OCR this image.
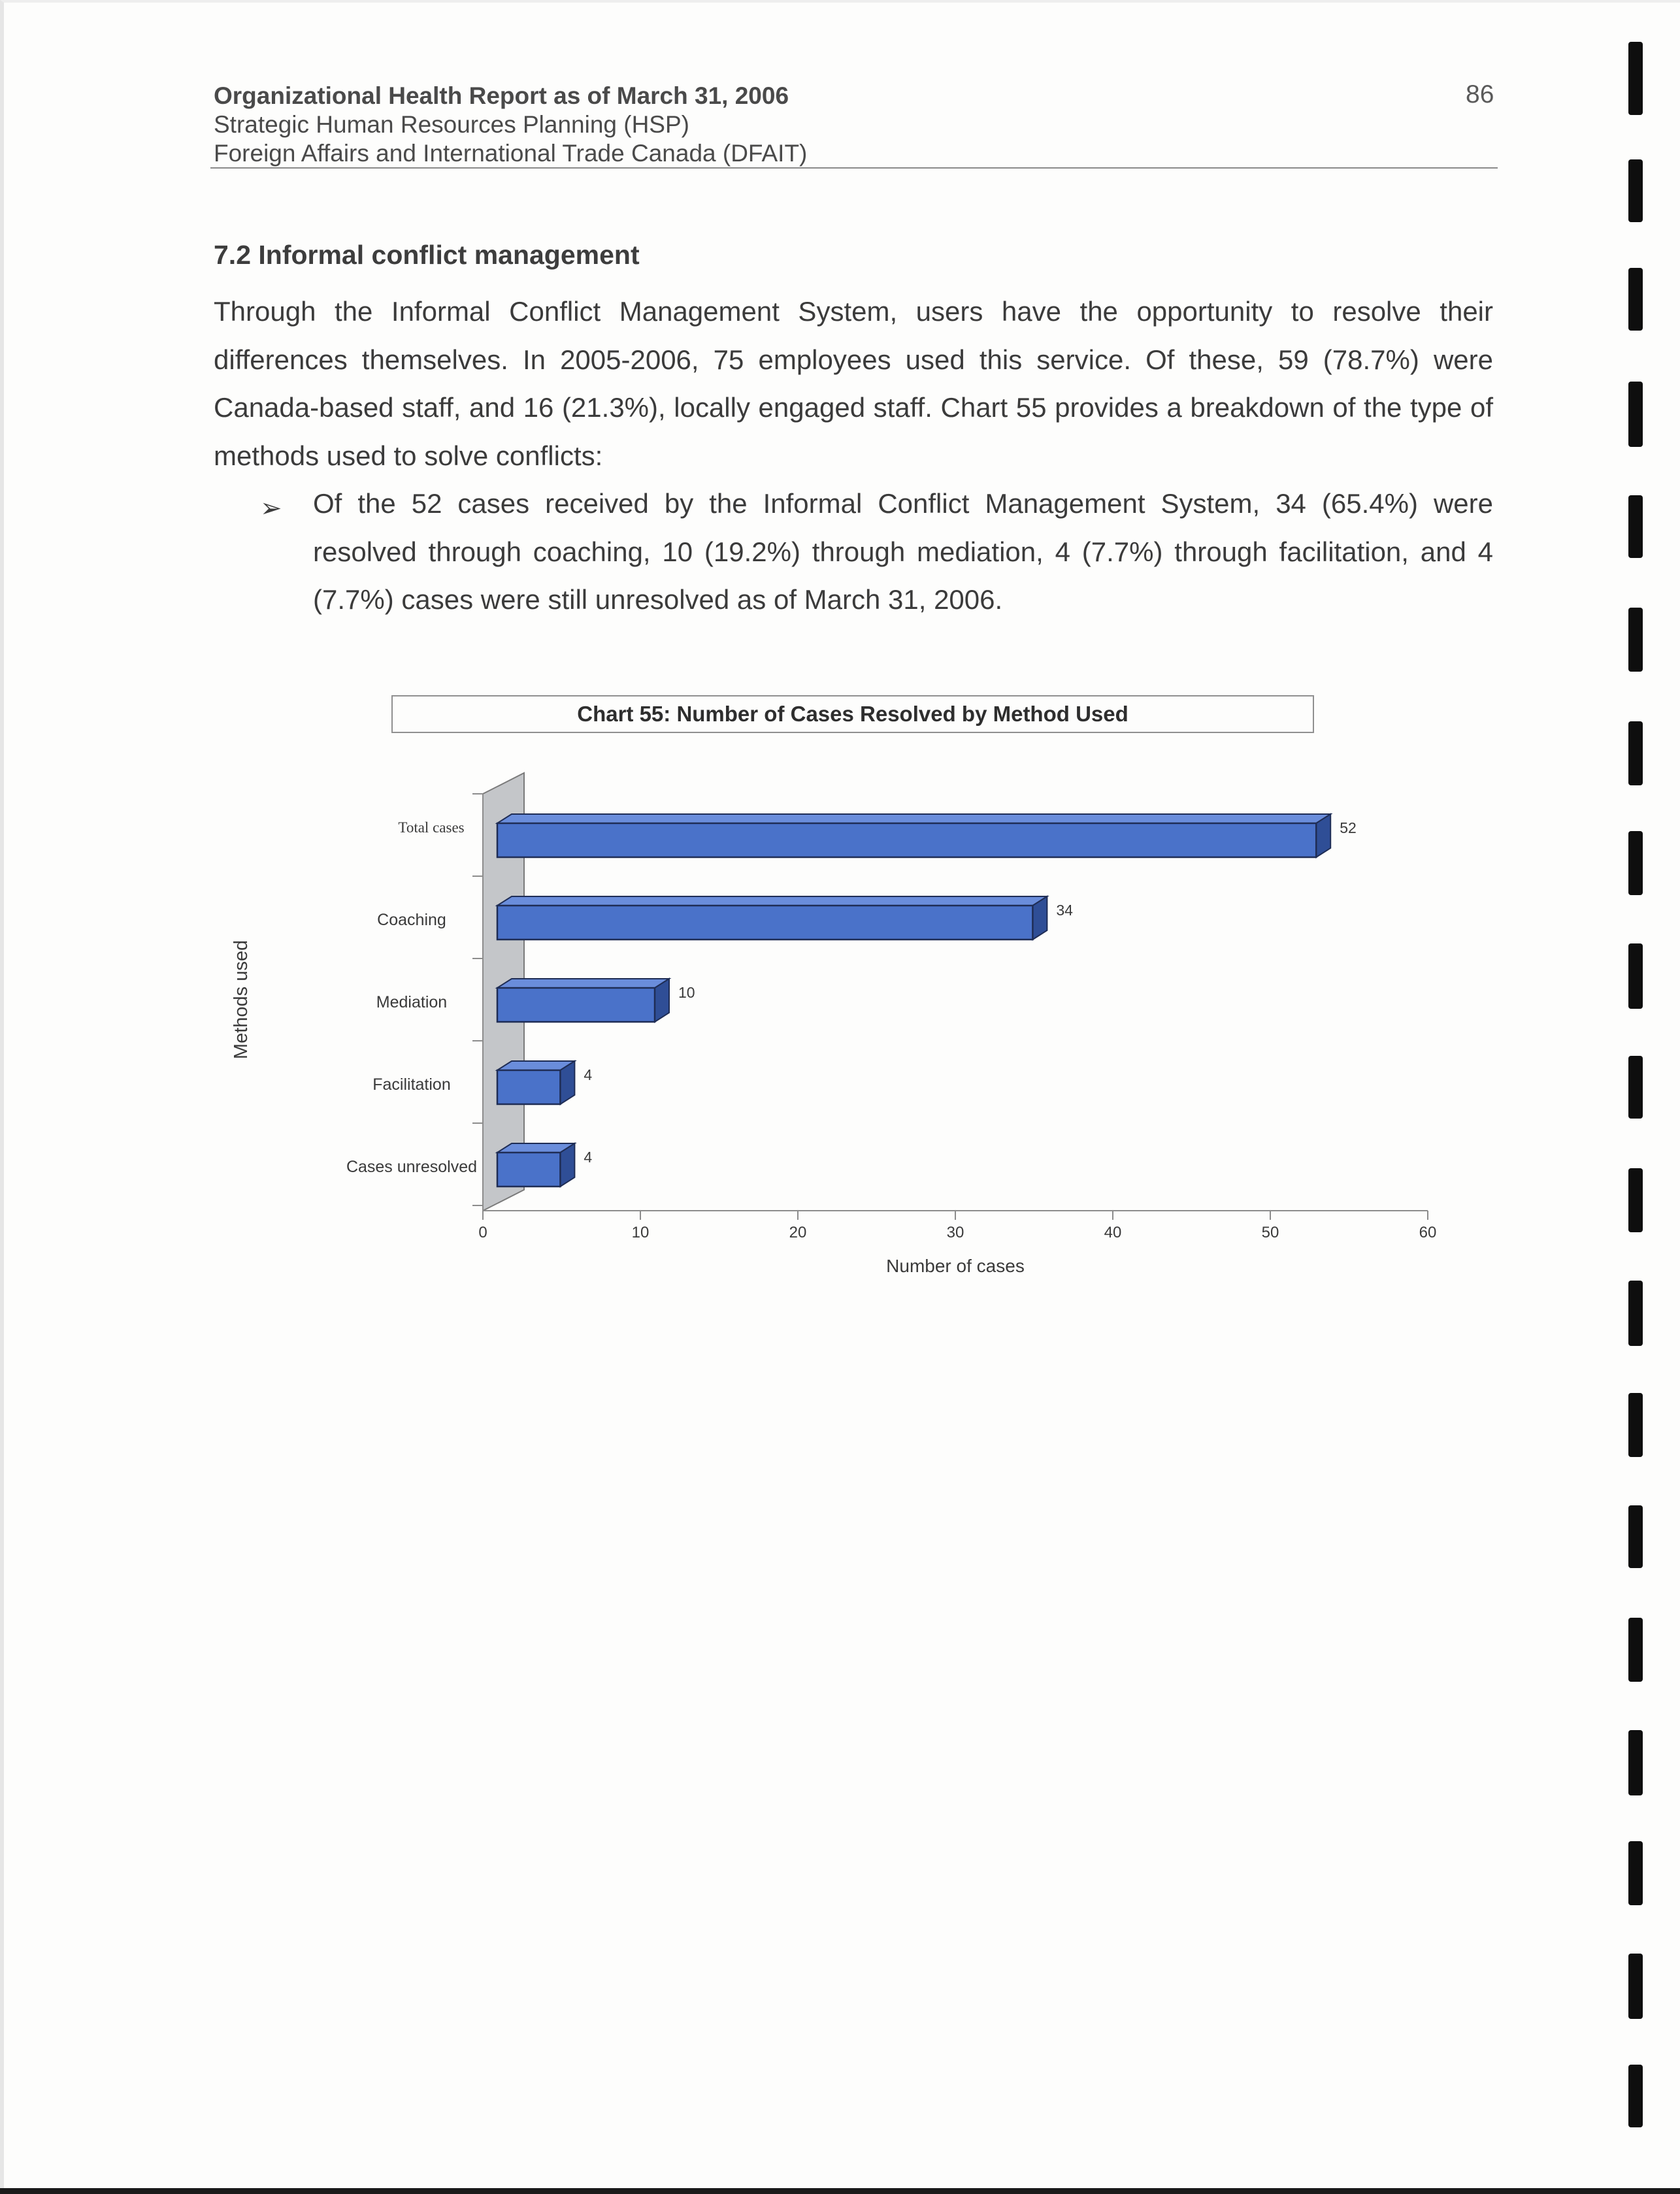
Organizational Health Report as of March 31, 2006
Strategic Human Resources Planning (HSP)
Foreign Affairs and International Trade Canada (DFAIT)
86
7.2 Informal conflict management
Through the Informal Conflict Management System, users have the opportunity to resolve their differences themselves. In 2005-2006, 75 employees used this service. Of these, 59 (78.7%) were Canada-based staff, and 16 (21.3%), locally engaged staff. Chart 55 provides a breakdown of the type of methods used to solve conflicts:
➢ Of the 52 cases received by the Informal Conflict Management System, 34 (65.4%) were resolved through coaching, 10 (19.2%) through mediation, 4 (7.7%) through facilitation, and 4 (7.7%) cases were still unresolved as of March 31, 2006.
Chart 55: Number of Cases Resolved by Method Used
0	10	20	30	40	50	60
Number of cases
Methods used
52
Total cases
34
Coaching
10
Mediation
4
Facilitation
4
Cases unresolved
